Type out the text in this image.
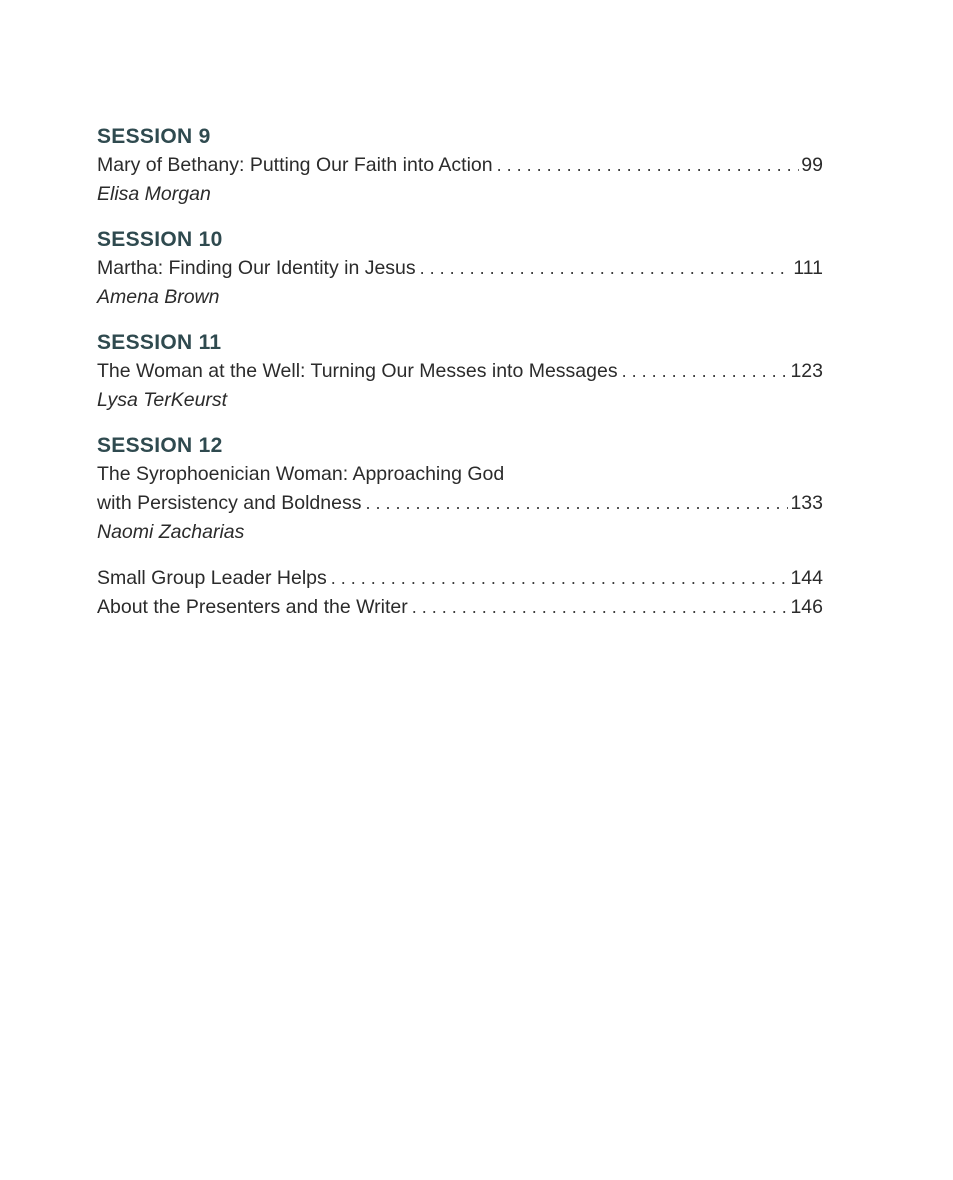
SESSION 9
Mary of Bethany: Putting Our Faith into Action . . .	99
Elisa Morgan
SESSION 10
Martha: Finding Our Identity in Jesus . . .	111
Amena Brown
SESSION 11
The Woman at the Well: Turning Our Messes into Messages . . .	123
Lysa TerKeurst
SESSION 12
The Syrophoenician Woman: Approaching God
with Persistency and Boldness . . .	133
Naomi Zacharias
Small Group Leader Helps . . .	144
About the Presenters and the Writer . . .	146
